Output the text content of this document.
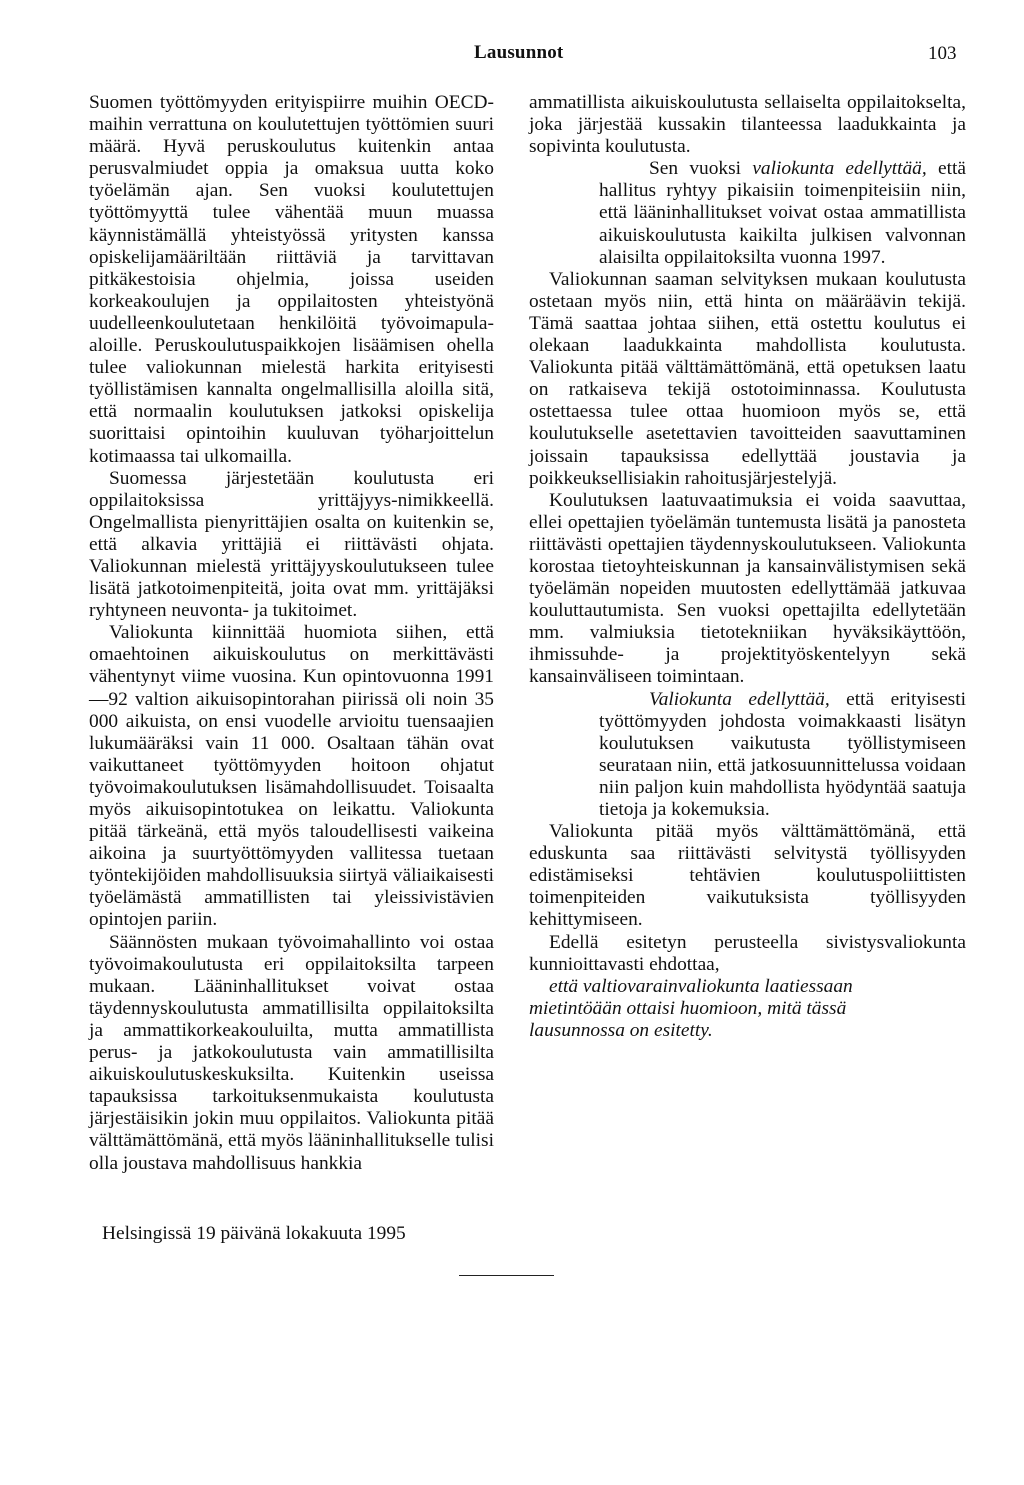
Lausunnot	103

Suomen työttömyyden erityispiirre muihin OECD-maihin verrattuna on koulutettujen työttömien suuri määrä. Hyvä peruskoulutus kuitenkin antaa perusvalmiudet oppia ja omaksua uutta koko työelämän ajan. Sen vuoksi koulutettujen työttömyyttä tulee vähentää muun muassa käynnistämällä yhteistyössä yritysten kanssa opiskelijamääriltään riittäviä ja tarvittavan pitkäkestoisia ohjelmia, joissa useiden korkeakoulujen ja oppilaitosten yhteistyönä uudelleenkoulutetaan henkilöitä työvoimapula-aloille. Peruskoulutuspaikkojen lisäämisen ohella tulee valiokunnan mielestä harkita erityisesti työllistämisen kannalta ongelmallisilla aloilla sitä, että normaalin koulutuksen jatkoksi opiskelija suorittaisi opintoihin kuuluvan työharjoittelun kotimaassa tai ulkomailla.

Suomessa järjestetään koulutusta eri oppilaitoksissa yrittäjyys-nimikkeellä. Ongelmallista pienyrittäjien osalta on kuitenkin se, että alkavia yrittäjiä ei riittävästi ohjata. Valiokunnan mielestä yrittäjyyskoulutukseen tulee lisätä jatkotoimenpiteitä, joita ovat mm. yrittäjäksi ryhtyneen neuvonta- ja tukitoimet.

Valiokunta kiinnittää huomiota siihen, että omaehtoinen aikuiskoulutus on merkittävästi vähentynyt viime vuosina. Kun opintovuonna 1991—92 valtion aikuisopintorahan piirissä oli noin 35 000 aikuista, on ensi vuodelle arvioitu tuensaajien lukumääräksi vain 11 000. Osaltaan tähän ovat vaikuttaneet työttömyyden hoitoon ohjatut työvoimakoulutuksen lisämahdollisuudet. Toisaalta myös aikuisopintotukea on leikattu. Valiokunta pitää tärkeänä, että myös taloudellisesti vaikeina aikoina ja suurtyöttömyyden vallitessa tuetaan työntekijöiden mahdollisuuksia siirtyä väliaikaisesti työelämästä ammatillisten tai yleissivistävien opintojen pariin.

Säännösten mukaan työvoimahallinto voi ostaa työvoimakoulutusta eri oppilaitoksilta tarpeen mukaan. Lääninhallitukset voivat ostaa täydennyskoulutusta ammatillisilta oppilaitoksilta ja ammattikorkeakouluilta, mutta ammatillista perus- ja jatkokoulutusta vain ammatillisilta aikuiskoulutuskeskuksilta. Kuitenkin useissa tapauksissa tarkoituksenmukaista koulutusta järjestäisikin jokin muu oppilaitos. Valiokunta pitää välttämättömänä, että myös lääninhallitukselle tulisi olla joustava mahdollisuus hankkia

ammatillista aikuiskoulutusta sellaiselta oppilaitokselta, joka järjestää kussakin tilanteessa laadukkainta ja sopivinta koulutusta.

Sen vuoksi valiokunta edellyttää, että hallitus ryhtyy pikaisiin toimenpiteisiin niin, että lääninhallitukset voivat ostaa ammatillista aikuiskoulutusta kaikilta julkisen valvonnan alaisilta oppilaitoksilta vuonna 1997.

Valiokunnan saaman selvityksen mukaan koulutusta ostetaan myös niin, että hinta on määräävin tekijä. Tämä saattaa johtaa siihen, että ostettu koulutus ei olekaan laadukkainta mahdollista koulutusta. Valiokunta pitää välttämättömänä, että opetuksen laatu on ratkaiseva tekijä ostotoiminnassa. Koulutusta ostettaessa tulee ottaa huomioon myös se, että koulutukselle asetettavien tavoitteiden saavuttaminen joissain tapauksissa edellyttää joustavia ja poikkeuksellisiakin rahoitusjärjestelyjä.

Koulutuksen laatuvaatimuksia ei voida saavuttaa, ellei opettajien työelämän tuntemusta lisätä ja panosteta riittävästi opettajien täydennyskoulutukseen. Valiokunta korostaa tietoyhteiskunnan ja kansainvälistymisen sekä työelämän nopeiden muutosten edellyttämää jatkuvaa kouluttautumista. Sen vuoksi opettajilta edellytetään mm. valmiuksia tietotekniikan hyväksikäyttöön, ihmissuhde- ja projektityöskentelyyn sekä kansainväliseen toimintaan.

Valiokunta edellyttää, että erityisesti työttömyyden johdosta voimakkaasti lisätyn koulutuksen vaikutusta työllistymiseen seurataan niin, että jatkosuunnittelussa voidaan niin paljon kuin mahdollista hyödyntää saatuja tietoja ja kokemuksia.

Valiokunta pitää myös välttämättömänä, että eduskunta saa riittävästi selvitystä työllisyyden edistämiseksi tehtävien koulutuspoliittisten toimenpiteiden vaikutuksista työllisyyden kehittymiseen.

Edellä esitetyn perusteella sivistysvaliokunta kunnioittavasti ehdottaa,

että valtiovarainvaliokunta laatiessaan mietintöään ottaisi huomioon, mitä tässä lausunnossa on esitetty.

Helsingissä 19 päivänä lokakuuta 1995
